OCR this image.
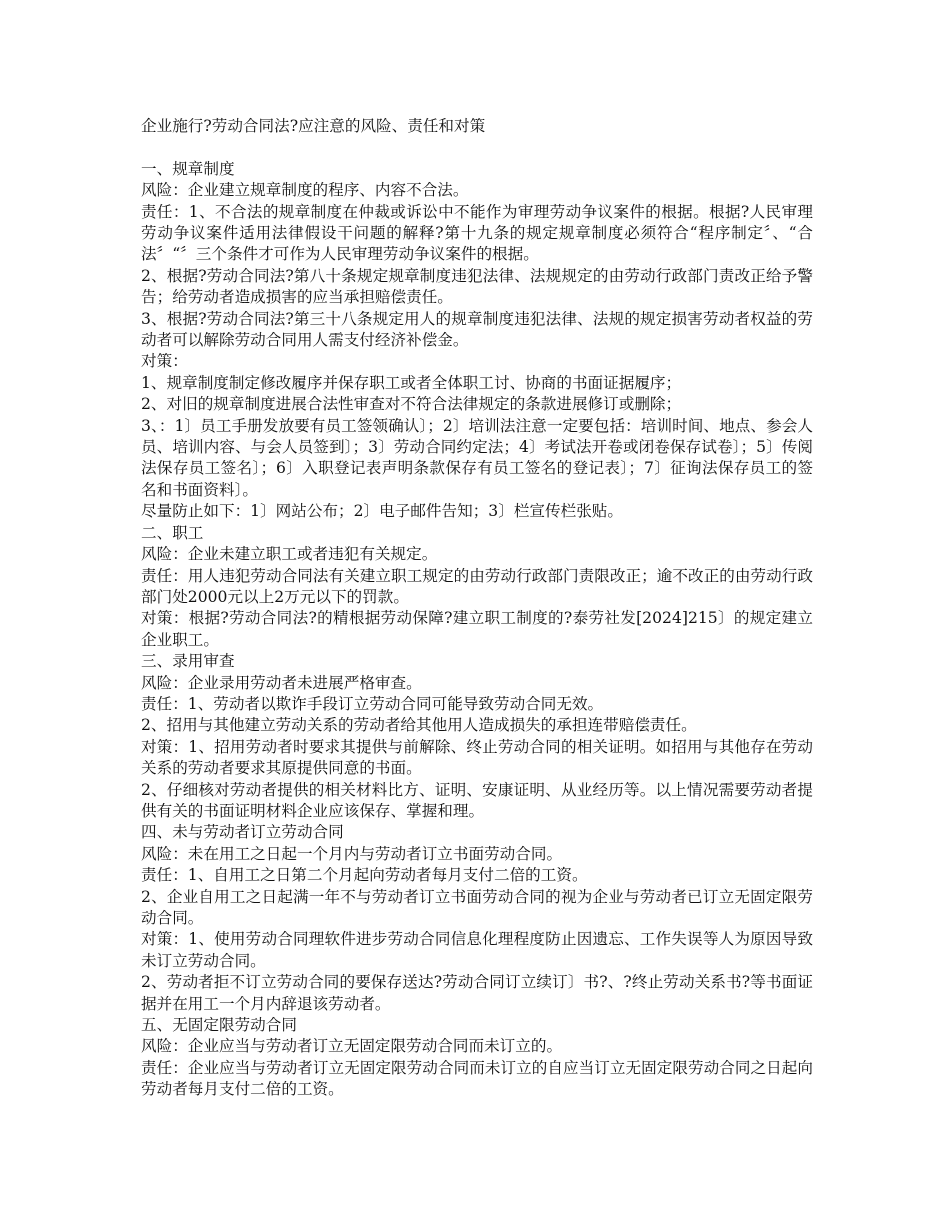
企业施行?劳动合同法?应注意的风险、责任和对策

一、规章制度

风险：企业建立规章制度的程序、内容不合法。

责任：1、不合法的规章制度在仲裁或诉讼中不能作为审理劳动争议案件的根据。根据?人民审理劳动争议案件适用法律假设干问题的解释?第十九条的规定规章制度必须符合“程序制定〞、“合法〞“〞三个条件才可作为人民审理劳动争议案件的根据。

2、根据?劳动合同法?第八十条规定规章制度违犯法律、法规规定的由劳动行政部门责改正给予警告；给劳动者造成损害的应当承担赔偿责任。

3、根据?劳动合同法?第三十八条规定用人的规章制度违犯法律、法规的规定损害劳动者权益的劳动者可以解除劳动合同用人需支付经济补偿金。

对策：

1、规章制度制定修改履序并保存职工或者全体职工讨、协商的书面证据履序；

2、对旧的规章制度进展合法性审查对不符合法律规定的条款进展修订或删除；

3、：1〕员工手册发放要有员工签领确认〕；2〕培训法注意一定要包括：培训时间、地点、参会人员、培训内容、与会人员签到〕；3〕劳动合同约定法；4〕考试法开卷或闭卷保存试卷〕；5〕传阅法保存员工签名〕；6〕入职登记表声明条款保存有员工签名的登记表〕；7〕征询法保存员工的签名和书面资料〕。

尽量防止如下：1〕网站公布；2〕电子邮件告知；3〕栏宣传栏张贴。

二、职工

风险：企业未建立职工或者违犯有关规定。

责任：用人违犯劳动合同法有关建立职工规定的由劳动行政部门责限改正；逾不改正的由劳动行政部门处2000元以上2万元以下的罚款。

对策：根据?劳动合同法?的精根据劳动保障?建立职工制度的?泰劳社发[2024]215〕的规定建立企业职工。

三、录用审查

风险：企业录用劳动者未进展严格审查。

责任：1、劳动者以欺诈手段订立劳动合同可能导致劳动合同无效。

2、招用与其他建立劳动关系的劳动者给其他用人造成损失的承担连带赔偿责任。

对策：1、招用劳动者时要求其提供与前解除、终止劳动合同的相关证明。如招用与其他存在劳动关系的劳动者要求其原提供同意的书面。

2、仔细核对劳动者提供的相关材料比方、证明、安康证明、从业经历等。以上情况需要劳动者提供有关的书面证明材料企业应该保存、掌握和理。

四、未与劳动者订立劳动合同

风险：未在用工之日起一个月内与劳动者订立书面劳动合同。

责任：1、自用工之日第二个月起向劳动者每月支付二倍的工资。

2、企业自用工之日起满一年不与劳动者订立书面劳动合同的视为企业与劳动者已订立无固定限劳动合同。

对策：1、使用劳动合同理软件进步劳动合同信息化理程度防止因遗忘、工作失误等人为原因导致未订立劳动合同。

2、劳动者拒不订立劳动合同的要保存送达?劳动合同订立续订〕书?、?终止劳动关系书?等书面证据并在用工一个月内辞退该劳动者。

五、无固定限劳动合同

风险：企业应当与劳动者订立无固定限劳动合同而未订立的。

责任：企业应当与劳动者订立无固定限劳动合同而未订立的自应当订立无固定限劳动合同之日起向劳动者每月支付二倍的工资。
